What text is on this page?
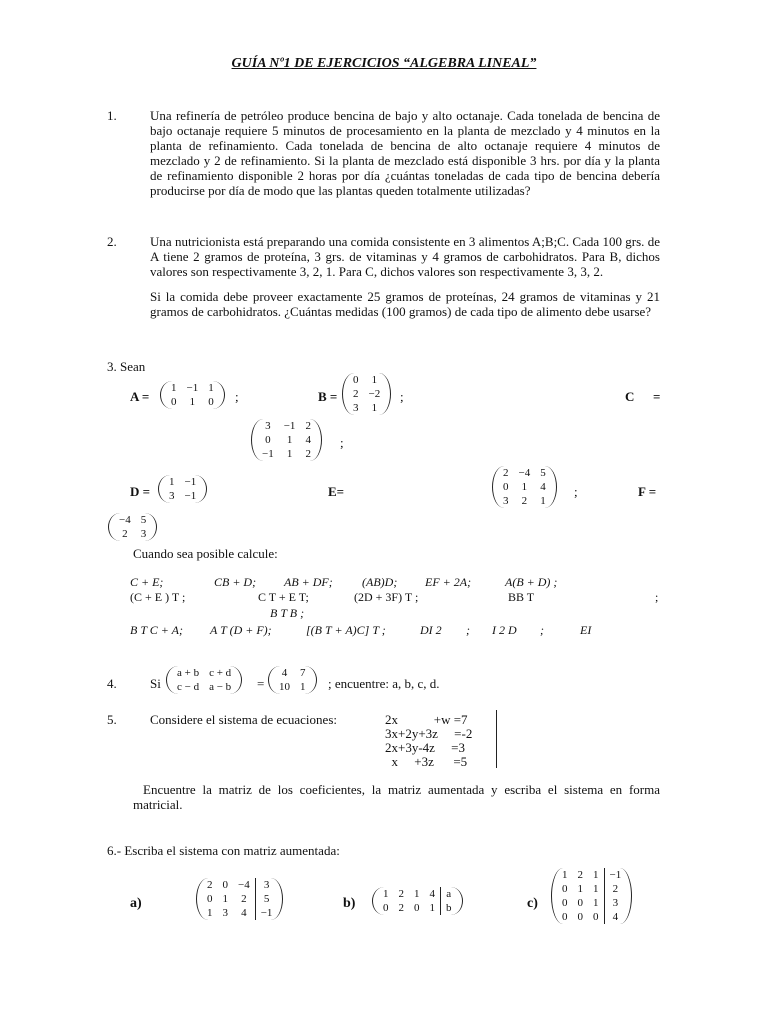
GUÍA Nº1 DE EJERCICIOS “ALGEBRA LINEAL”
1.	Una refinería de petróleo produce bencina de bajo y alto octanaje. Cada tonelada de bencina de bajo octanaje requiere 5 minutos de procesamiento en la planta de mezclado y 4 minutos en la planta de refinamiento. Cada tonelada de bencina de alto octanaje requiere 4 minutos de mezclado y 2 de refinamiento. Si la planta de mezclado está disponible 3 hrs. por día y la planta de refinamiento disponible 2 horas por día ¿cuántas toneladas de cada tipo de bencina debería producirse por día de modo que las plantas queden totalmente utilizadas?
2.	Una nutricionista está preparando una comida consistente en 3 alimentos A;B;C. Cada 100 grs. de A tiene 2 gramos de proteína, 3 grs. de vitaminas y 4 gramos de carbohidratos. Para B, dichos valores son respectivamente 3, 2, 1. Para C, dichos valores son respectivamente 3, 3, 2.
Si la comida debe proveer exactamente 25 gramos de proteínas, 24 gramos de vitaminas y 21 gramos de carbohidratos. ¿Cuántas medidas (100 gramos) de cada tipo de alimento debe usarse?
3. Sean
A =
1	−1	1
0	1	0 ;	B =
0	1
2	−2
3	1
;	C =
3	−1	2
0	1	4
−1	1	2
;
D =
1	−1
3	−1	E=
2	−4	5
0	1	4
3	2	1
;	F =
−4	5
2	3
Cuando sea posible calcule:
C + E;	CB + D; AB + DF; (AB)D; EF + 2A;	A(B + D) ;
(C + E ) T ;	C T + E T;	(2D + 3F) T ;	BB T	;
B T B ;
B T C + A; A T (D + F);	[(B T + A)C] T ;	DI 2 ; I 2 D ;	EI
4.	Si
a + b	c + d
c − d	a − b =
4	7
10	1 ; encuentre: a, b, c, d.
5.	Considere el sistema de ecuaciones:	2x           +w =7
3x+2y+3z     =-2
2x+3y-4z     =3
x     +3z      =5
Encuentre la matriz de los coeficientes, la matriz aumentada y escriba el sistema en forma matricial.
6.- Escriba el sistema con matriz aumentada:
a)
2	0	−4	3
0	1	2	5
1	3	4	−1
b)
1	2	1	4	a
0	2	0	1	b	c)
1	2	1	−1
0	1	1	2
0	0	1	3
0	0	0	4
